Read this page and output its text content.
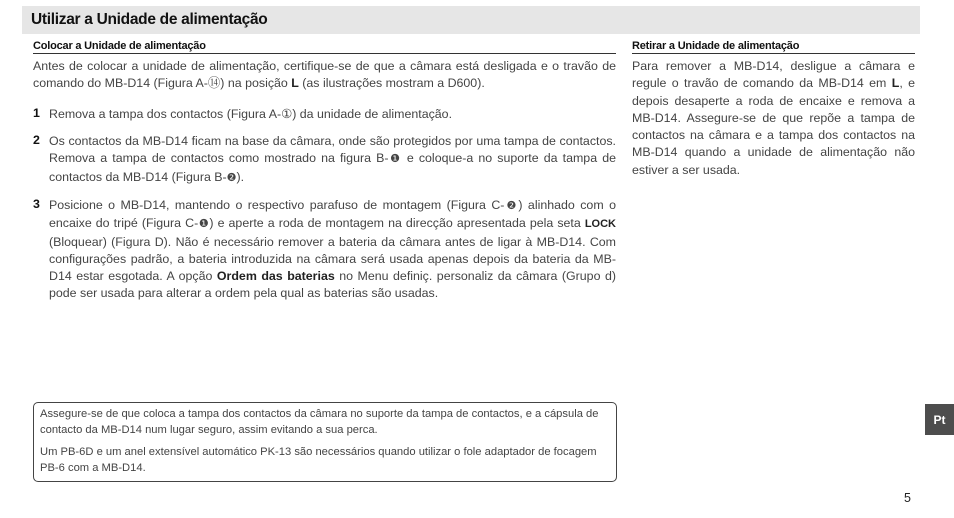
Utilizar a Unidade de alimentação
Colocar a Unidade de alimentação

Antes de colocar a unidade de alimentação, certifique-se de que a câmara está desligada e o travão de comando do MB-D14 (Figura A-⑭) na posição L (as ilustrações mostram a D600).

1 Remova a tampa dos contactos (Figura A-①) da unidade de alimentação.

2 Os contactos da MB-D14 ficam na base da câmara, onde são protegidos por uma tampa de contactos. Remova a tampa de contactos como mostrado na figura B-❶ e coloque-a no suporte da tampa de contactos da MB-D14 (Figura B-❷).

3 Posicione o MB-D14, mantendo o respectivo parafuso de montagem (Figura C-❷) alinhado com o encaixe do tripé (Figura C-❶) e aperte a roda de montagem na direcção apresentada pela seta LOCK (Bloquear) (Figura D). Não é necessário remover a bateria da câmara antes de ligar à MB-D14. Com configurações padrão, a bateria introduzida na câmara será usada apenas depois da bateria da MB-D14 estar esgotada. A opção Ordem das baterias no Menu definiç. personaliz da câmara (Grupo d) pode ser usada para alterar a ordem pela qual as baterias são usadas.

Retirar a Unidade de alimentação

Para remover a MB-D14, desligue a câmara e regule o travão de comando da MB-D14 em L, e depois desaperte a roda de encaixe e remova a MB-D14. Assegure-se de que repõe a tampa de contactos na câmara e a tampa dos contactos na MB-D14 quando a unidade de alimentação não estiver a ser usada.

Assegure-se de que coloca a tampa dos contactos da câmara no suporte da tampa de contactos, e a cápsula de contacto da MB-D14 num lugar seguro, assim evitando a sua perca.

Um PB-6D e um anel extensível automático PK-13 são necessários quando utilizar o fole adaptador de focagem PB-6 com a MB-D14.

Pt
5
